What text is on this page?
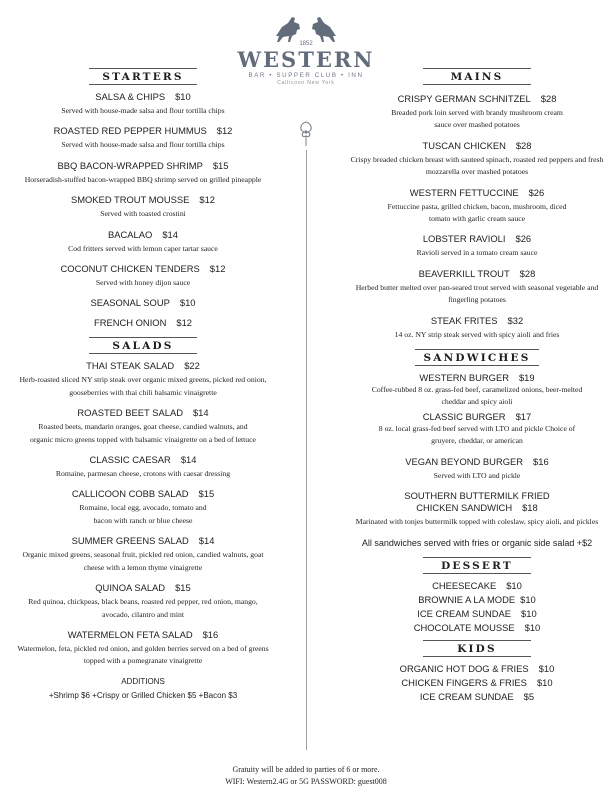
1852
WESTERN
BAR • SUPPER CLUB • INN
Callicoon New York
STARTERS
SALSA & CHIPS $10
Served with house-made salsa and flour tortilla chips
ROASTED RED PEPPER HUMMUS $12
Served with house-made salsa and flour tortilla chips
BBQ BACON-WRAPPED SHRIMP $15
Horseradish-stuffed bacon-wrapped BBQ shrimp served on grilled pineapple
SMOKED TROUT MOUSSE $12
Served with toasted crostini
BACALAO $14
Cod fritters served with lemon caper tartar sauce
COCONUT CHICKEN TENDERS $12
Served with honey dijon sauce
SEASONAL SOUP $10
FRENCH ONION $12
SALADS
THAI STEAK SALAD $22
Herb-roasted sliced NY strip steak over organic mixed greens, picked red onion, gooseberries with thai chili balsamic vinaigrette
ROASTED BEET SALAD $14
Roasted beets, mandarin oranges, goat cheese, candied walnuts, and organic micro greens topped with balsamic vinaigrette on a bed of lettuce
CLASSIC CAESAR $14
Romaine, parmesan cheese, crotons with caesar dressing
CALLICOON COBB SALAD $15
Romaine, local egg, avocado, tomato and bacon with ranch or blue cheese
SUMMER GREENS SALAD $14
Organic mixed greens, seasonal fruit, pickled red onion, candied walnuts, goat cheese with a lemon thyme vinaigrette
QUINOA SALAD $15
Red quinoa, chickpeas, black beans, roasted red pepper, red onion, mango, avocado, cilantro and mint
WATERMELON FETA SALAD $16
Watermelon, feta, pickled red onion, and golden berries served on a bed of greens topped with a pomegranate vinaigrette
ADDITIONS
+Shrimp $6 +Crispy or Grilled Chicken $5 +Bacon $3
MAINS
CRISPY GERMAN SCHNITZEL $28
Breaded pork loin served with brandy mushroom cream sauce over mashed potatoes
TUSCAN CHICKEN $28
Crispy breaded chicken breast with sauteed spinach, roasted red peppers and fresh mozzarella over mashed potatoes
WESTERN FETTUCCINE $26
Fettuccine pasta, grilled chicken, bacon, mushroom, diced tomato with garlic cream sauce
LOBSTER RAVIOLI $26
Ravioli served in a tomato cream sauce
BEAVERKILL TROUT $28
Herbed butter melted over pan-seared trout served with seasonal vegetable and fingerling potatoes
STEAK FRITES $32
14 oz. NY strip steak served with spicy aioli and fries
SANDWICHES
WESTERN BURGER $19
Coffee-rubbed 8 oz. grass-fed beef, caramelized onions, beer-melted cheddar and spicy aioli
CLASSIC BURGER $17
8 oz. local grass-fed beef served with LTO and pickle Choice of gruyere, cheddar, or american
VEGAN BEYOND BURGER $16
Served with LTO and pickle
SOUTHERN BUTTERMILK FRIED CHICKEN SANDWICH $18
Marinated with tonjes buttermilk topped with coleslaw, spicy aioli, and pickles
All sandwiches served with fries or organic side salad +$2
DESSERT
CHEESECAKE $10
BROWNIE A LA MODE $10
ICE CREAM SUNDAE $10
CHOCOLATE MOUSSE $10
KIDS
ORGANIC HOT DOG & FRIES $10
CHICKEN FINGERS & FRIES $10
ICE CREAM SUNDAE $5
Gratuity will be added to parties of 6 or more.
WIFI: Western2.4G or 5G PASSWORD: guest008
